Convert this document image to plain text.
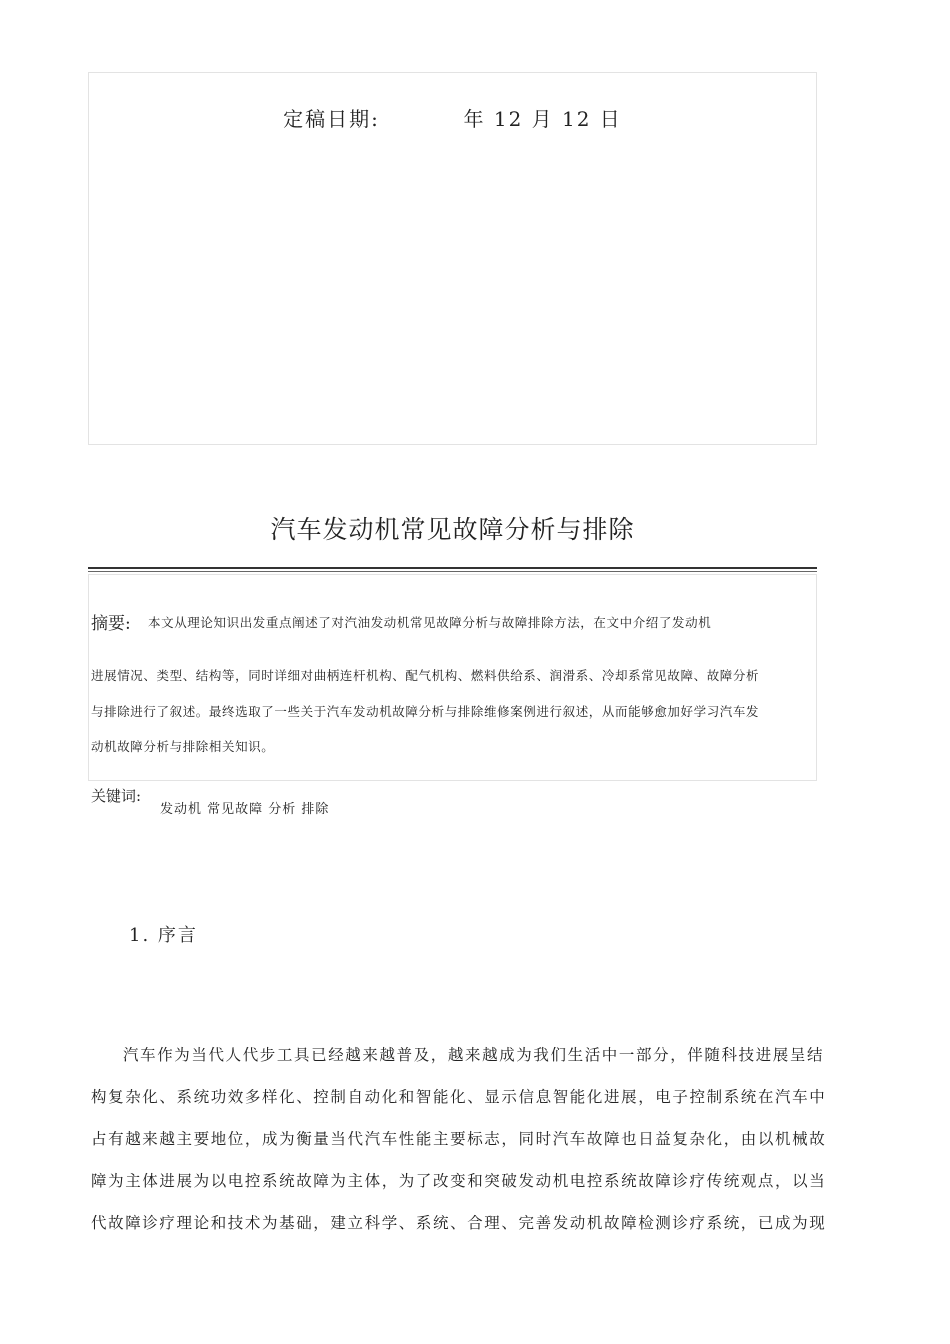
定稿日期:          年 12 月 12 日
汽车发动机常见故障分析与排除
摘要: 本文从理论知识出发重点阐述了对汽油发动机常见故障分析与故障排除方法，在文中介绍了发动机
进展情况、类型、结构等，同时详细对曲柄连杆机构、配气机构、燃料供给系、润滑系、冷却系常见故障、故障分析
与排除进行了叙述。最终选取了一些关于汽车发动机故障分析与排除维修案例进行叙述，从而能够愈加好学习汽车发
动机故障分析与排除相关知识。
关键词:
发动机 常见故障 分析 排除
1. 序言
汽车作为当代人代步工具已经越来越普及，越来越成为我们生活中一部分，伴随科技进展呈结
构复杂化、系统功效多样化、控制自动化和智能化、显示信息智能化进展，电子控制系统在汽车中
占有越来越主要地位，成为衡量当代汽车性能主要标志，同时汽车故障也日益复杂化，由以机械故
障为主体进展为以电控系统故障为主体，为了改变和突破发动机电控系统故障诊疗传统观点，以当
代故障诊疗理论和技术为基础，建立科学、系统、合理、完善发动机故障检测诊疗系统，已成为现
